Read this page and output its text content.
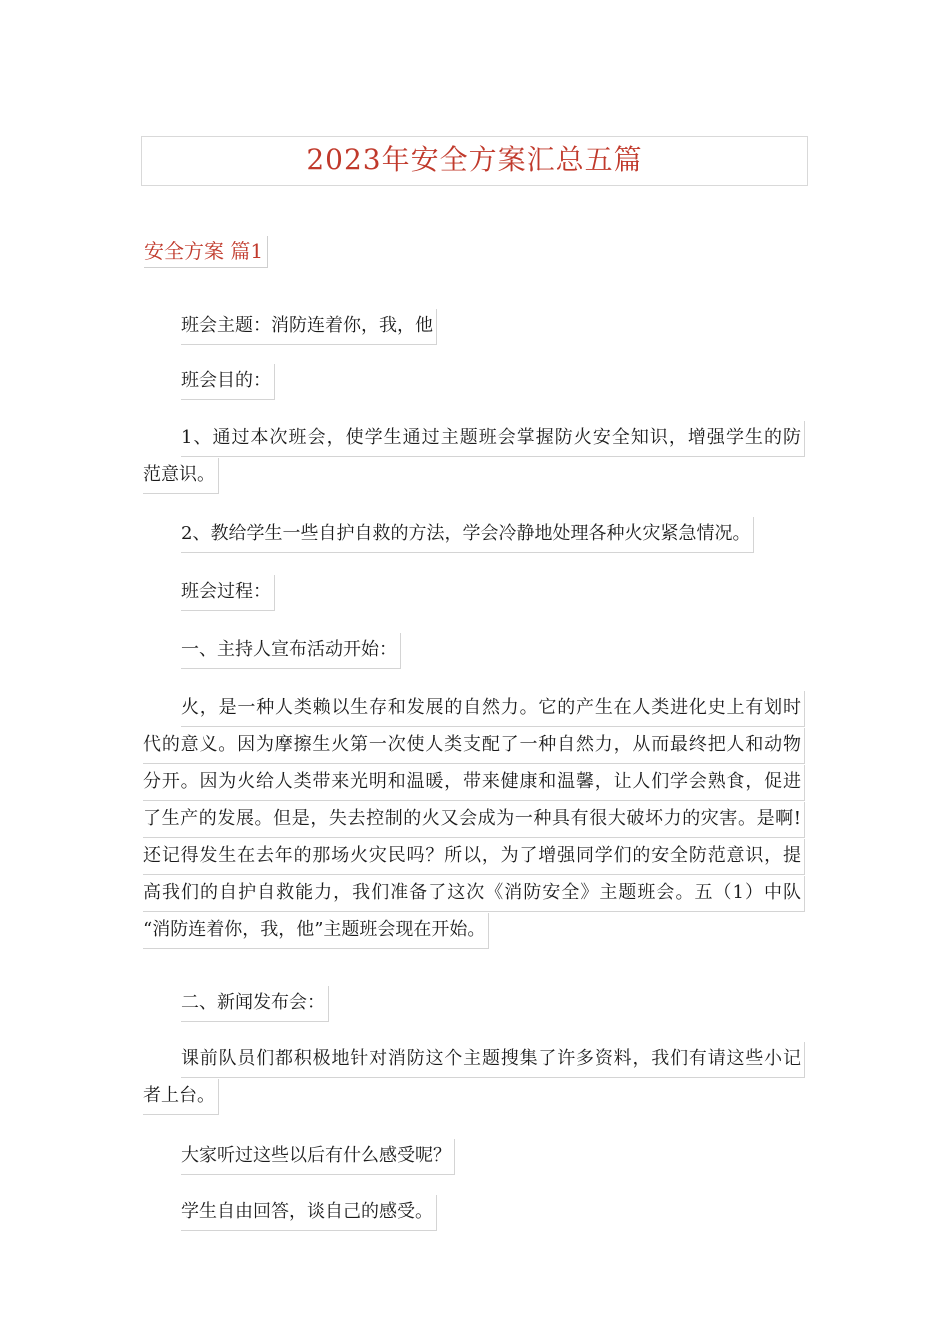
2023年安全方案汇总五篇
安全方案 篇1
班会主题：消防连着你，我，他
班会目的：
1、通过本次班会，使学生通过主题班会掌握防火安全知识，增强学生的防
范意识。
2、教给学生一些自护自救的方法，学会冷静地处理各种火灾紧急情况。
班会过程：
一、主持人宣布活动开始：
火，是一种人类赖以生存和发展的自然力。它的产生在人类进化史上有划时
代的意义。因为摩擦生火第一次使人类支配了一种自然力，从而最终把人和动物
分开。因为火给人类带来光明和温暖，带来健康和温馨，让人们学会熟食，促进
了生产的发展。但是，失去控制的火又会成为一种具有很大破坏力的灾害。是啊!
还记得发生在去年的那场火灾民吗？所以，为了增强同学们的安全防范意识，提
高我们的自护自救能力，我们准备了这次《消防安全》主题班会。五（1）中队
“消防连着你，我，他”主题班会现在开始。
二、新闻发布会：
课前队员们都积极地针对消防这个主题搜集了许多资料，我们有请这些小记
者上台。
大家听过这些以后有什么感受呢？
学生自由回答，谈自己的感受。
